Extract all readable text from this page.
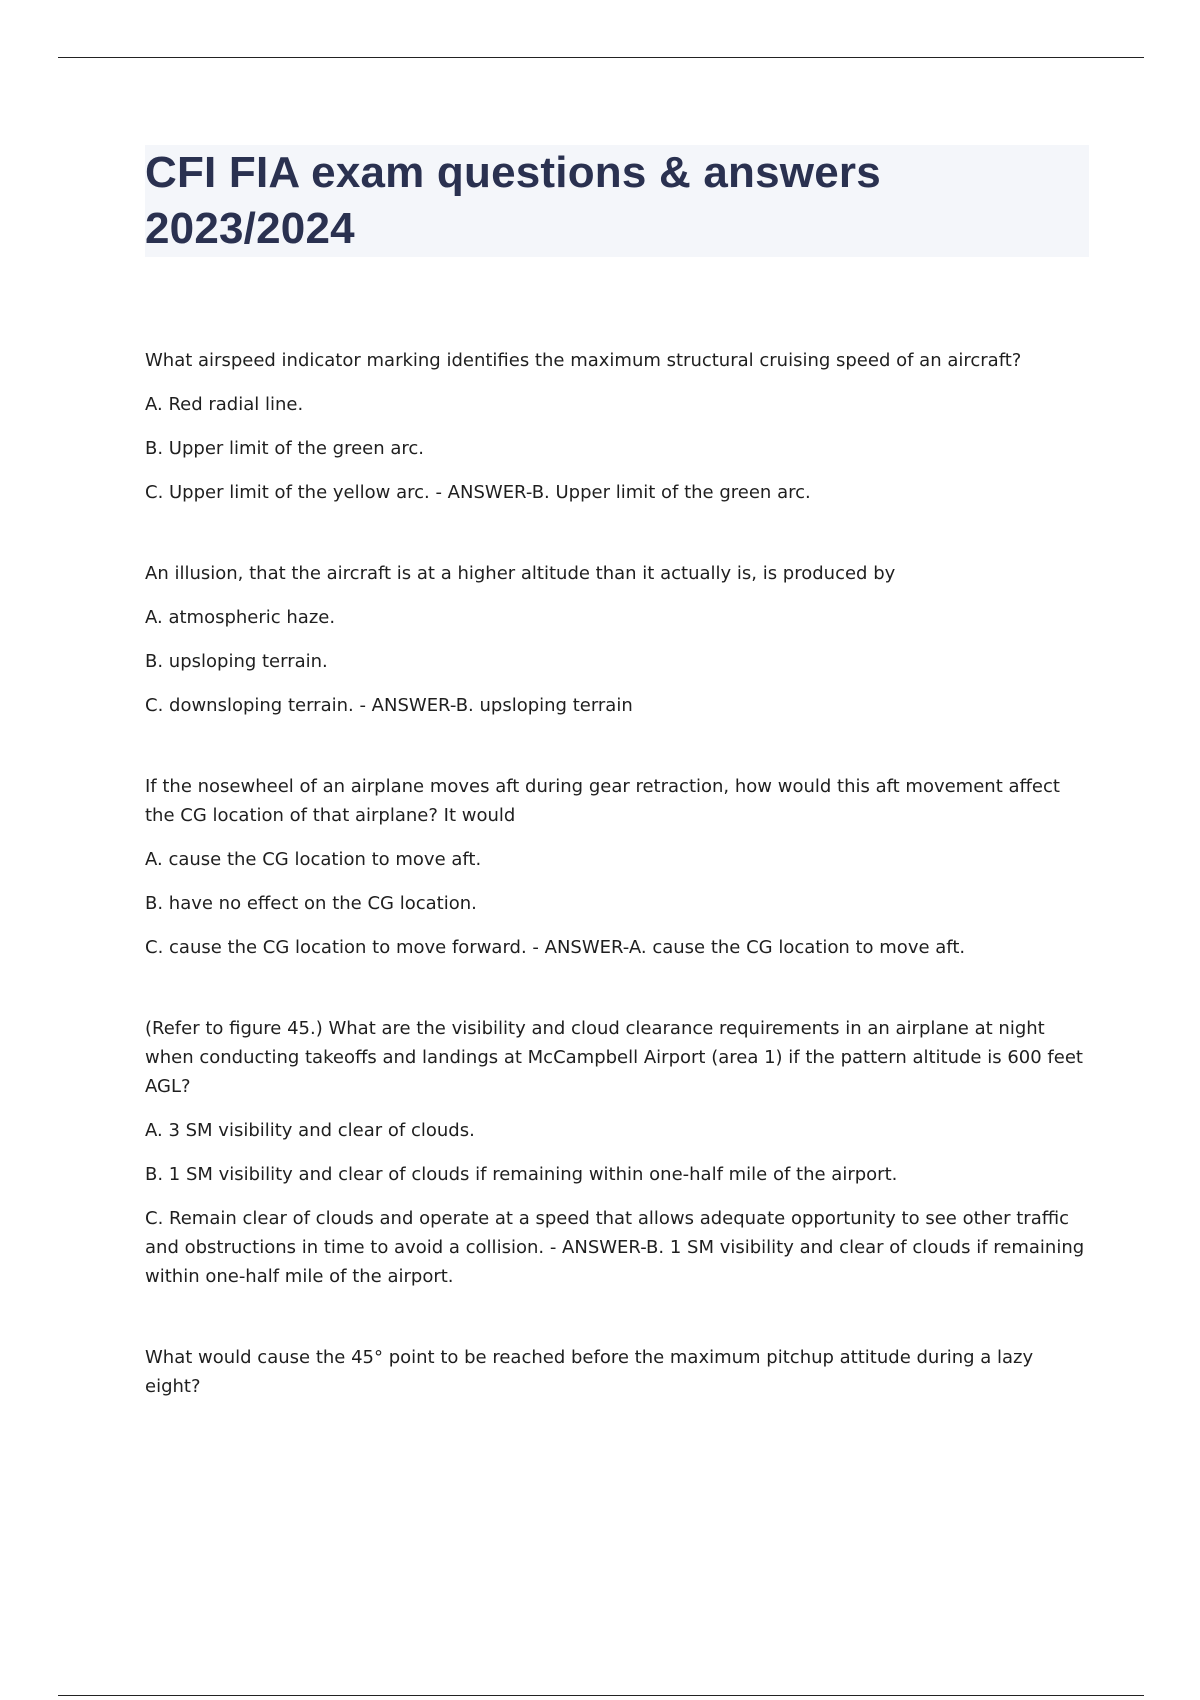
CFI FIA exam questions & answers 2023/2024

What airspeed indicator marking identifies the maximum structural cruising speed of an aircraft?

A. Red radial line.

B. Upper limit of the green arc.

C. Upper limit of the yellow arc. - ANSWER-B. Upper limit of the green arc.

An illusion, that the aircraft is at a higher altitude than it actually is, is produced by

A. atmospheric haze.

B. upsloping terrain.

C. downsloping terrain. - ANSWER-B. upsloping terrain

If the nosewheel of an airplane moves aft during gear retraction, how would this aft movement affect the CG location of that airplane? It would

A. cause the CG location to move aft.

B. have no effect on the CG location.

C. cause the CG location to move forward. - ANSWER-A. cause the CG location to move aft.

(Refer to figure 45.) What are the visibility and cloud clearance requirements in an airplane at night when conducting takeoffs and landings at McCampbell Airport (area 1) if the pattern altitude is 600 feet AGL?

A. 3 SM visibility and clear of clouds.

B. 1 SM visibility and clear of clouds if remaining within one-half mile of the airport.

C. Remain clear of clouds and operate at a speed that allows adequate opportunity to see other traffic and obstructions in time to avoid a collision. - ANSWER-B. 1 SM visibility and clear of clouds if remaining within one-half mile of the airport.

What would cause the 45° point to be reached before the maximum pitchup attitude during a lazy eight?
